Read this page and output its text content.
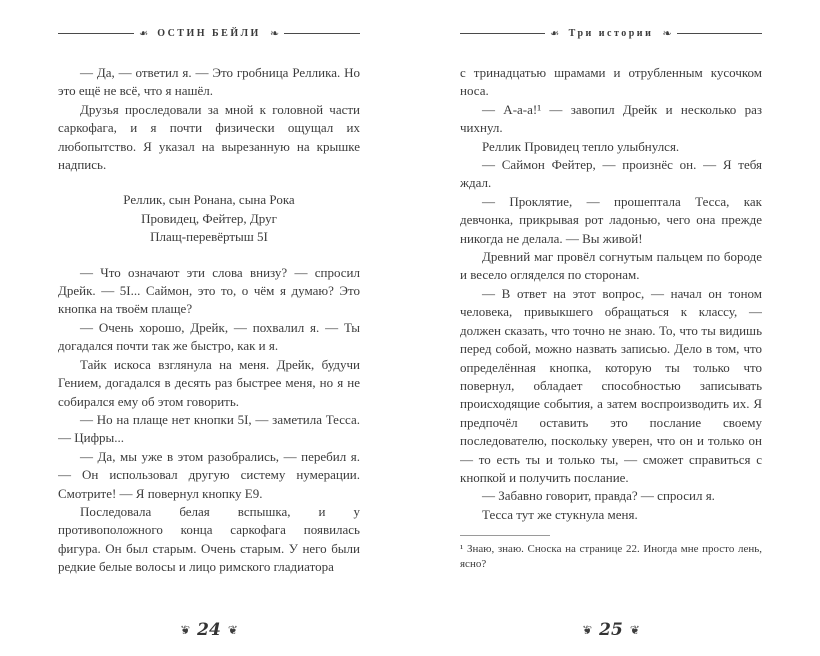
❧ ОСТИН БЕЙЛИ ❧

— Да, — ответил я. — Это гробница Реллика. Но это ещё не всё, что я нашёл.

Друзья проследовали за мной к головной части саркофага, и я почти физически ощущал их любопытство. Я указал на вырезанную на крышке надпись.

Реллик, сын Ронана, сына Рока

Провидец, Фейтер, Друг

Плащ-перевёртыш 5I

— Что означают эти слова внизу? — спросил Дрейк. — 5I... Саймон, это то, о чём я думаю? Это кнопка на твоём плаще?

— Очень хорошо, Дрейк, — похвалил я. — Ты догадался почти так же быстро, как и я.

Тайк искоса взглянула на меня. Дрейк, будучи Гением, догадался в десять раз быстрее меня, но я не собирался ему об этом говорить.

— Но на плаще нет кнопки 5I, — заметила Тесса. — Цифры...

— Да, мы уже в этом разобрались, — перебил я. — Он использовал другую систему нумерации. Смотрите! — Я повернул кнопку E9.

Последовала белая вспышка, и у противоположного конца саркофага появилась фигура. Он был старым. Очень старым. У него были редкие белые волосы и лицо римского гладиатора

❦ 24 ❦
❧ Три истории ❧

с тринадцатью шрамами и отрубленным кусочком носа.

— А-а-а!¹ — завопил Дрейк и несколько раз чихнул.

Реллик Провидец тепло улыбнулся.

— Саймон Фейтер, — произнёс он. — Я тебя ждал.

— Проклятие, — прошептала Тесса, как девчонка, прикрывая рот ладонью, чего она прежде никогда не делала. — Вы живой!

Древний маг провёл согнутым пальцем по бороде и весело огляделся по сторонам.

— В ответ на этот вопрос, — начал он тоном человека, привыкшего обращаться к классу, — должен сказать, что точно не знаю. То, что ты видишь перед собой, можно назвать записью. Дело в том, что определённая кнопка, которую ты только что повернул, обладает способностью записывать происходящие события, а затем воспроизводить их. Я предпочёл оставить это послание своему последователю, поскольку уверен, что он и только он — то есть ты и только ты, — сможет справиться с кнопкой и получить послание.

— Забавно говорит, правда? — спросил я.

Тесса тут же стукнула меня.

¹ Знаю, знаю. Сноска на странице 22. Иногда мне просто лень, ясно?

❦ 25 ❦
